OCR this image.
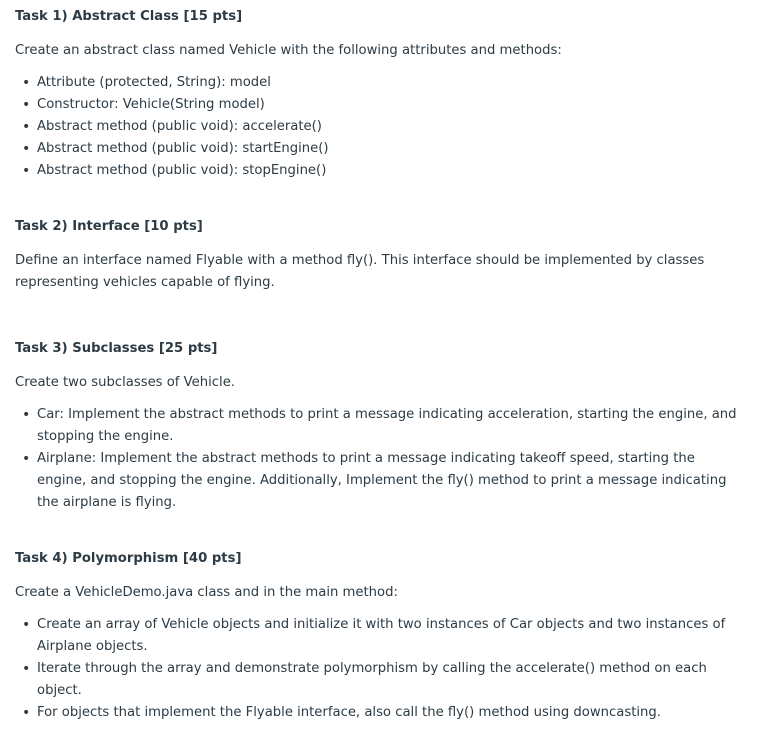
Task 1) Abstract Class [15 pts]
Create an abstract class named Vehicle with the following attributes and methods:
• Attribute (protected, String): model
• Constructor: Vehicle(String model)
• Abstract method (public void): accelerate()
• Abstract method (public void): startEngine()
• Abstract method (public void): stopEngine()
Task 2) Interface [10 pts]
Define an interface named Flyable with a method fly(). This interface should be implemented by classes representing vehicles capable of flying.
Task 3) Subclasses [25 pts]
Create two subclasses of Vehicle.
• Car: Implement the abstract methods to print a message indicating acceleration, starting the engine, and stopping the engine.
• Airplane: Implement the abstract methods to print a message indicating takeoff speed, starting the engine, and stopping the engine. Additionally, Implement the fly() method to print a message indicating the airplane is flying.
Task 4) Polymorphism [40 pts]
Create a VehicleDemo.java class and in the main method:
• Create an array of Vehicle objects and initialize it with two instances of Car objects and two instances of Airplane objects.
• Iterate through the array and demonstrate polymorphism by calling the accelerate() method on each object.
• For objects that implement the Flyable interface, also call the fly() method using downcasting.
